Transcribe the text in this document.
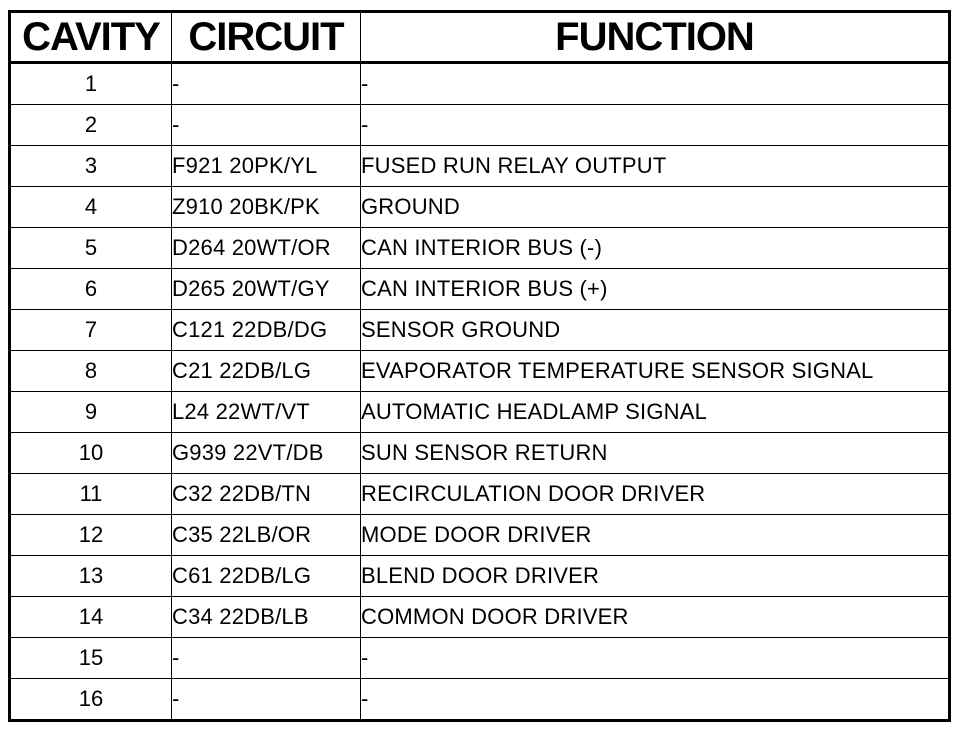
CAVITY	CIRCUIT	FUNCTION
1	-	-
2	-	-
3	F921 20PK/YL	FUSED RUN RELAY OUTPUT
4	Z910 20BK/PK	GROUND
5	D264 20WT/OR	CAN INTERIOR BUS (-)
6	D265 20WT/GY	CAN INTERIOR BUS (+)
7	C121 22DB/DG	SENSOR GROUND
8	C21 22DB/LG	EVAPORATOR TEMPERATURE SENSOR SIGNAL
9	L24 22WT/VT	AUTOMATIC HEADLAMP SIGNAL
10	G939 22VT/DB	SUN SENSOR RETURN
11	C32 22DB/TN	RECIRCULATION DOOR DRIVER
12	C35 22LB/OR	MODE DOOR DRIVER
13	C61 22DB/LG	BLEND DOOR DRIVER
14	C34 22DB/LB	COMMON DOOR DRIVER
15	-	-
16	-	-
